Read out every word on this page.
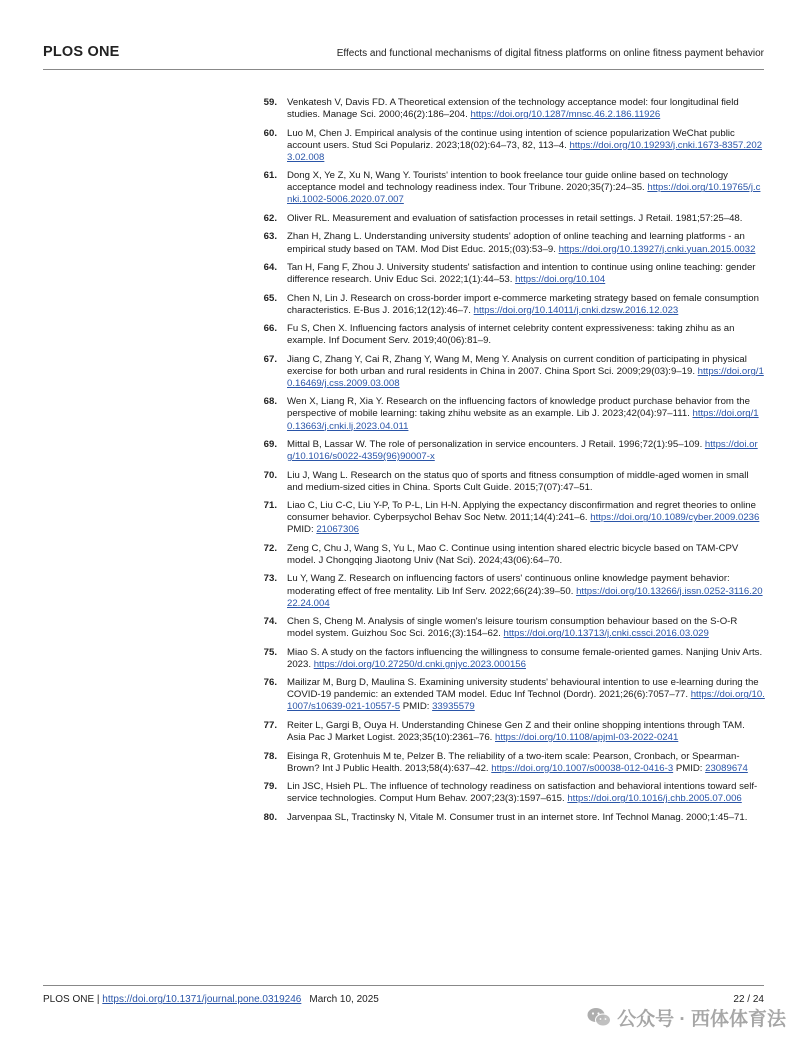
PLOS ONE	Effects and functional mechanisms of digital fitness platforms on online fitness payment behavior
59. Venkatesh V, Davis FD. A Theoretical extension of the technology acceptance model: four longitudinal field studies. Manage Sci. 2000;46(2):186–204. https://doi.org/10.1287/mnsc.46.2.186.11926
60. Luo M, Chen J. Empirical analysis of the continue using intention of science popularization WeChat public account users. Stud Sci Populariz. 2023;18(02):64–73, 82, 113–4. https://doi.org/10.19293/j.cnki.1673-8357.2023.02.008
61. Dong X, Ye Z, Xu N, Wang Y. Tourists' intention to book freelance tour guide online based on technology acceptance model and technology readiness index. Tour Tribune. 2020;35(7):24–35. https://doi.org/10.19765/j.cnki.1002-5006.2020.07.007
62. Oliver RL. Measurement and evaluation of satisfaction processes in retail settings. J Retail. 1981;57:25–48.
63. Zhan H, Zhang L. Understanding university students' adoption of online teaching and learning platforms - an empirical study based on TAM. Mod Dist Educ. 2015;(03):53–9. https://doi.org/10.13927/j.cnki.yuan.2015.0032
64. Tan H, Fang F, Zhou J. University students' satisfaction and intention to continue using online teaching: gender difference research. Univ Educ Sci. 2022;1(1):44–53. https://doi.org/10.104
65. Chen N, Lin J. Research on cross-border import e-commerce marketing strategy based on female consumption characteristics. E-Bus J. 2016;12(12):46–7. https://doi.org/10.14011/j.cnki.dzsw.2016.12.023
66. Fu S, Chen X. Influencing factors analysis of internet celebrity content expressiveness: taking zhihu as an example. Inf Document Serv. 2019;40(06):81–9.
67. Jiang C, Zhang Y, Cai R, Zhang Y, Wang M, Meng Y. Analysis on current condition of participating in physical exercise for both urban and rural residents in China in 2007. China Sport Sci. 2009;29(03):9–19. https://doi.org/10.16469/j.css.2009.03.008
68. Wen X, Liang R, Xia Y. Research on the influencing factors of knowledge product purchase behavior from the perspective of mobile learning: taking zhihu website as an example. Lib J. 2023;42(04):97–111. https://doi.org/10.13663/j.cnki.lj.2023.04.011
69. Mittal B, Lassar W. The role of personalization in service encounters. J Retail. 1996;72(1):95–109. https://doi.org/10.1016/s0022-4359(96)90007-x
70. Liu J, Wang L. Research on the status quo of sports and fitness consumption of middle-aged women in small and medium-sized cities in China. Sports Cult Guide. 2015;7(07):47–51.
71. Liao C, Liu C-C, Liu Y-P, To P-L, Lin H-N. Applying the expectancy disconfirmation and regret theories to online consumer behavior. Cyberpsychol Behav Soc Netw. 2011;14(4):241–6. https://doi.org/10.1089/cyber.2009.0236 PMID: 21067306
72. Zeng C, Chu J, Wang S, Yu L, Mao C. Continue using intention shared electric bicycle based on TAM-CPV model. J Chongqing Jiaotong Univ (Nat Sci). 2024;43(06):64–70.
73. Lu Y, Wang Z. Research on influencing factors of users' continuous online knowledge payment behavior: moderating effect of free mentality. Lib Inf Serv. 2022;66(24):39–50. https://doi.org/10.13266/j.issn.0252-3116.2022.24.004
74. Chen S, Cheng M. Analysis of single women's leisure tourism consumption behaviour based on the S-O-R model system. Guizhou Soc Sci. 2016;(3):154–62. https://doi.org/10.13713/j.cnki.cssci.2016.03.029
75. Miao S. A study on the factors influencing the willingness to consume female-oriented games. Nanjing Univ Arts. 2023. https://doi.org/10.27250/d.cnki.gnjyc.2023.000156
76. Mailizar M, Burg D, Maulina S. Examining university students' behavioural intention to use e-learning during the COVID-19 pandemic: an extended TAM model. Educ Inf Technol (Dordr). 2021;26(6):7057–77. https://doi.org/10.1007/s10639-021-10557-5 PMID: 33935579
77. Reiter L, Gargi B, Ouya H. Understanding Chinese Gen Z and their online shopping intentions through TAM. Asia Pac J Market Logist. 2023;35(10):2361–76. https://doi.org/10.1108/apjml-03-2022-0241
78. Eisinga R, Grotenhuis M te, Pelzer B. The reliability of a two-item scale: Pearson, Cronbach, or Spearman-Brown? Int J Public Health. 2013;58(4):637–42. https://doi.org/10.1007/s00038-012-0416-3 PMID: 23089674
79. Lin JSC, Hsieh PL. The influence of technology readiness on satisfaction and behavioral intentions toward self-service technologies. Comput Hum Behav. 2007;23(3):1597–615. https://doi.org/10.1016/j.chb.2005.07.006
80. Jarvenpaa SL, Tractinsky N, Vitale M. Consumer trust in an internet store. Inf Technol Manag. 2000;1:45–71.
PLOS ONE | https://doi.org/10.1371/journal.pone.0319246 March 10, 2025	22 / 24
公众号 · 西体体育法
